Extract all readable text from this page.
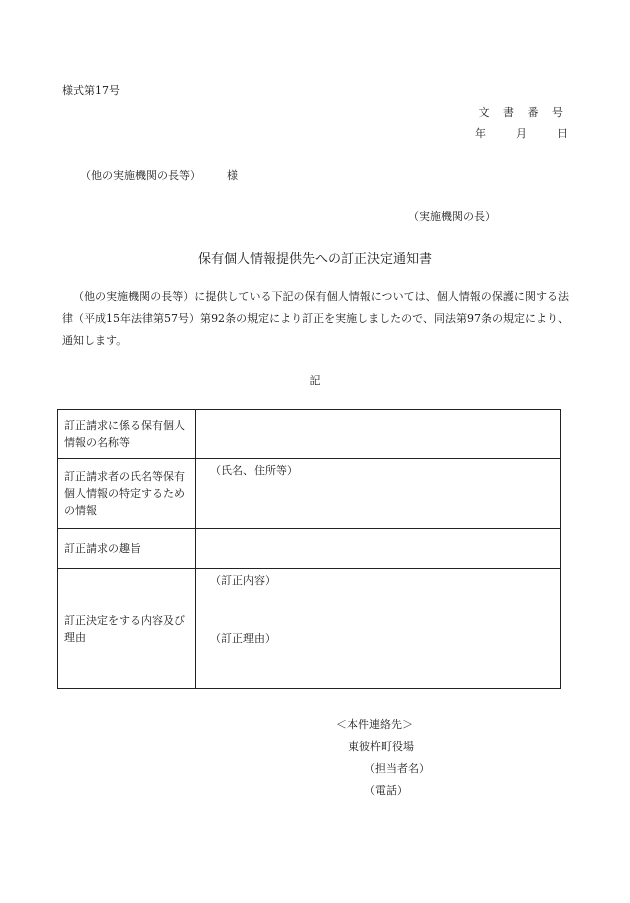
様式第17号
文 書 番 号
年	月	日
（他の実施機関の長等） 様
（実施機関の長）
保有個人情報提供先への訂正決定通知書
（他の実施機関の長等）に提供している下記の保有個人情報については、個人情報の保護に関する法律（平成15年法律第57号）第92条の規定により訂正を実施しましたので、同法第97条の規定により、通知します。
記
訂正請求に係る保有個人情報の名称等	
訂正請求者の氏名等保有個人情報の特定するための情報	（氏名、住所等）
訂正請求の趣旨	
訂正決定をする内容及び理由	（訂正内容）
（訂正理由）
＜本件連絡先＞
東彼杵町役場
（担当者名）
（電話）
